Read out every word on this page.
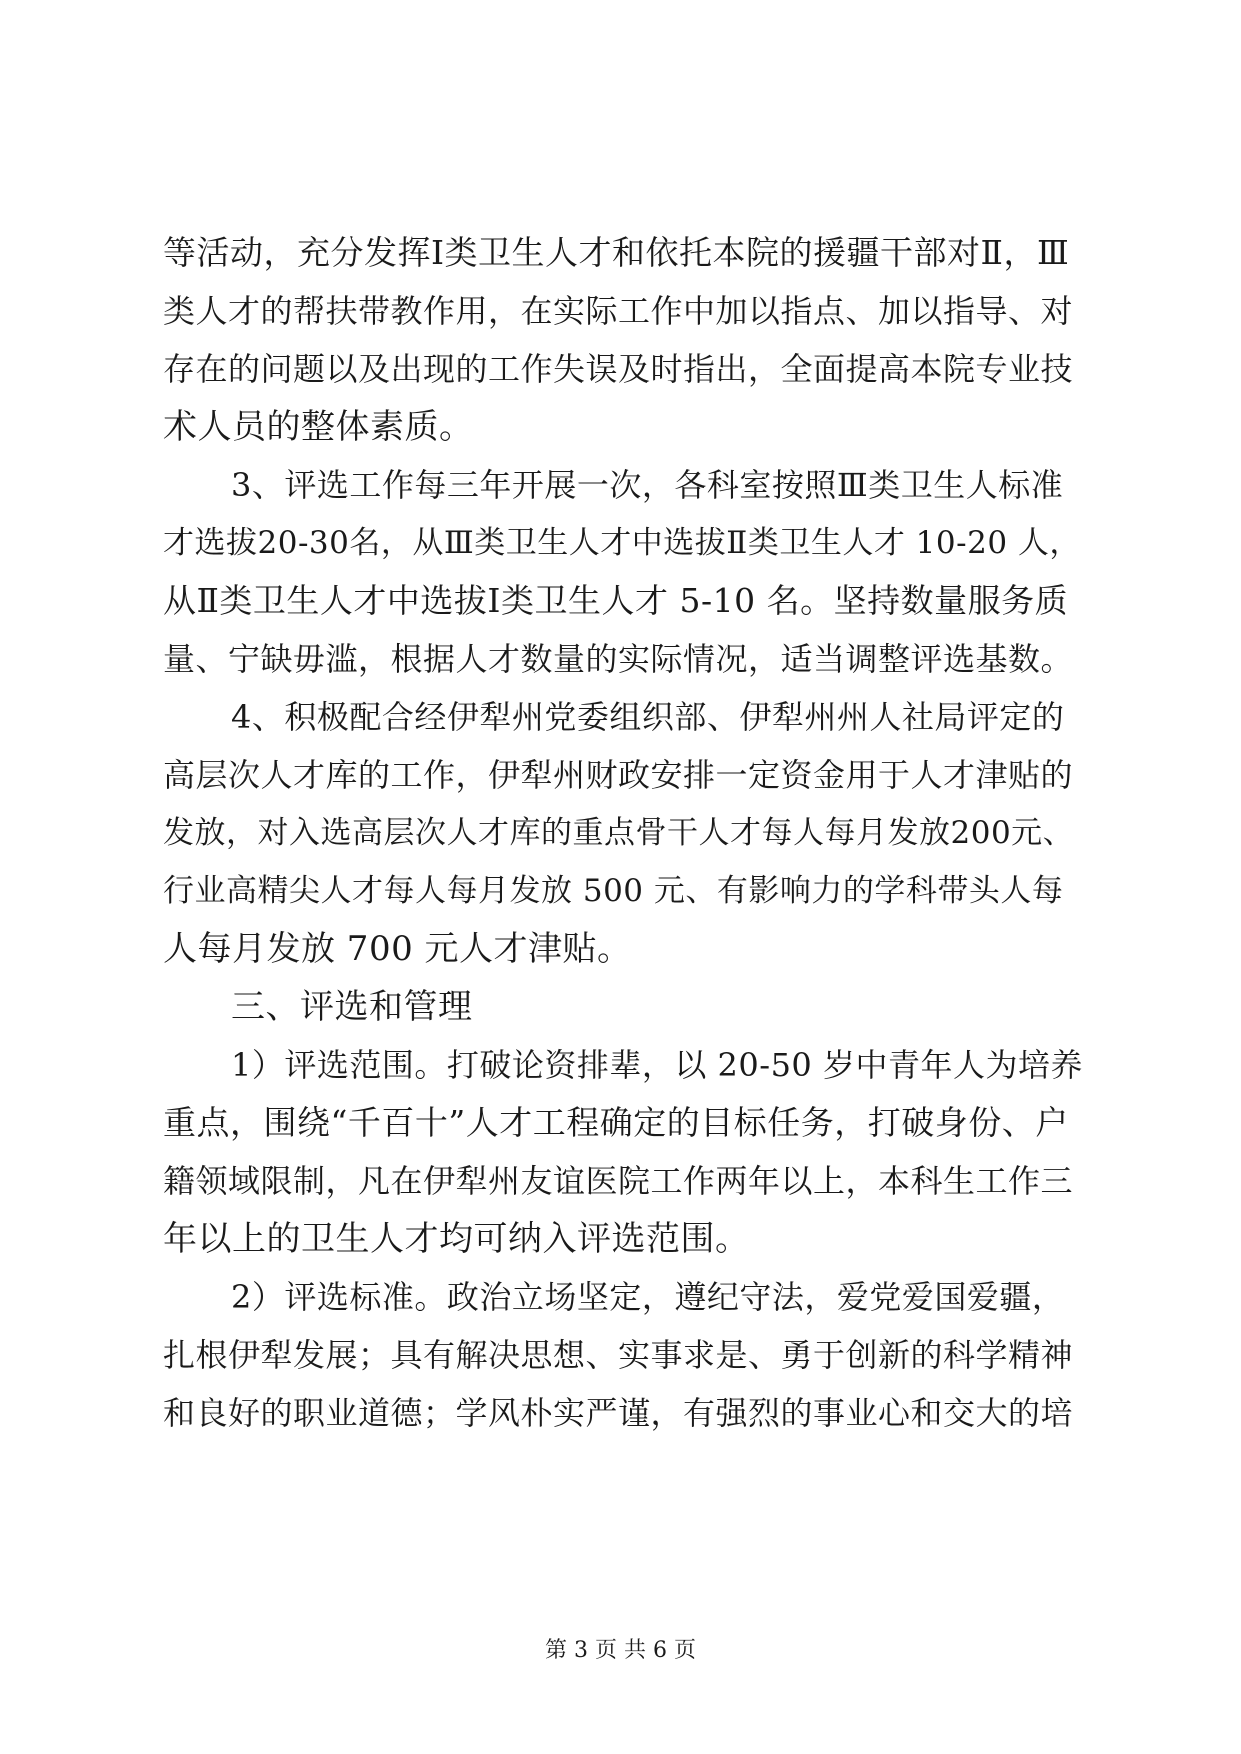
等活动，充分发挥Ⅰ类卫生人才和依托本院的援疆干部对Ⅱ，Ⅲ
类人才的帮扶带教作用，在实际工作中加以指点、加以指导、对
存在的问题以及出现的工作失误及时指出，全面提高本院专业技
术人员的整体素质。
3、评选工作每三年开展一次，各科室按照Ⅲ类卫生人标准
才选拔20-30名，从Ⅲ类卫生人才中选拔Ⅱ类卫生人才 10-20 人，
从Ⅱ类卫生人才中选拔Ⅰ类卫生人才 5-10 名。坚持数量服务质
量、宁缺毋滥，根据人才数量的实际情况，适当调整评选基数。
4、积极配合经伊犁州党委组织部、伊犁州州人社局评定的
高层次人才库的工作，伊犁州财政安排一定资金用于人才津贴的
发放，对入选高层次人才库的重点骨干人才每人每月发放200元、
行业高精尖人才每人每月发放 500 元、有影响力的学科带头人每
人每月发放 700 元人才津贴。
三、评选和管理
1）评选范围。打破论资排辈，以 20-50 岁中青年人为培养
重点，围绕“千百十”人才工程确定的目标任务，打破身份、户
籍领域限制，凡在伊犁州友谊医院工作两年以上，本科生工作三
年以上的卫生人才均可纳入评选范围。
2）评选标准。政治立场坚定，遵纪守法，爱党爱国爱疆，
扎根伊犁发展；具有解决思想、实事求是、勇于创新的科学精神
和良好的职业道德；学风朴实严谨，有强烈的事业心和交大的培
第 3 页 共 6 页
